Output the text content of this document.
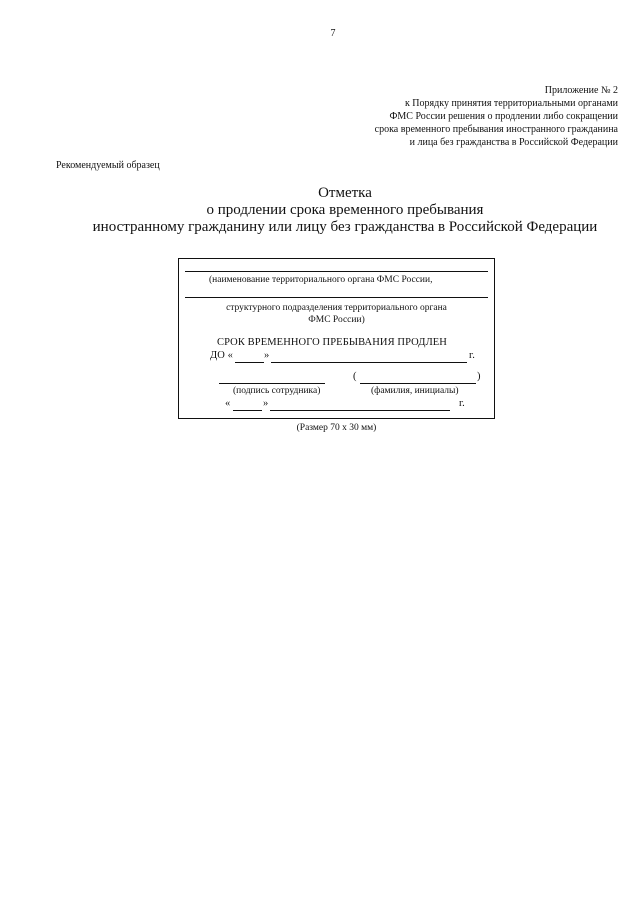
7
Приложение № 2
к Порядку принятия территориальными органами
ФМС России решения о продлении либо сокращении
срока временного пребывания иностранного гражданина
и лица без гражданства в Российской Федерации
Рекомендуемый образец
Отметка
о продлении срока временного пребывания
иностранному гражданину или лицу без гражданства в Российской Федерации
(наименование территориального органа ФМС России,
структурного подразделения территориального органа
ФМС России)
СРОК ВРЕМЕННОГО ПРЕБЫВАНИЯ ПРОДЛЕН
ДО «	»	г.
(	)
(подпись сотрудника)	(фамилия, инициалы)
«	»	г.
(Размер 70 х 30 мм)
